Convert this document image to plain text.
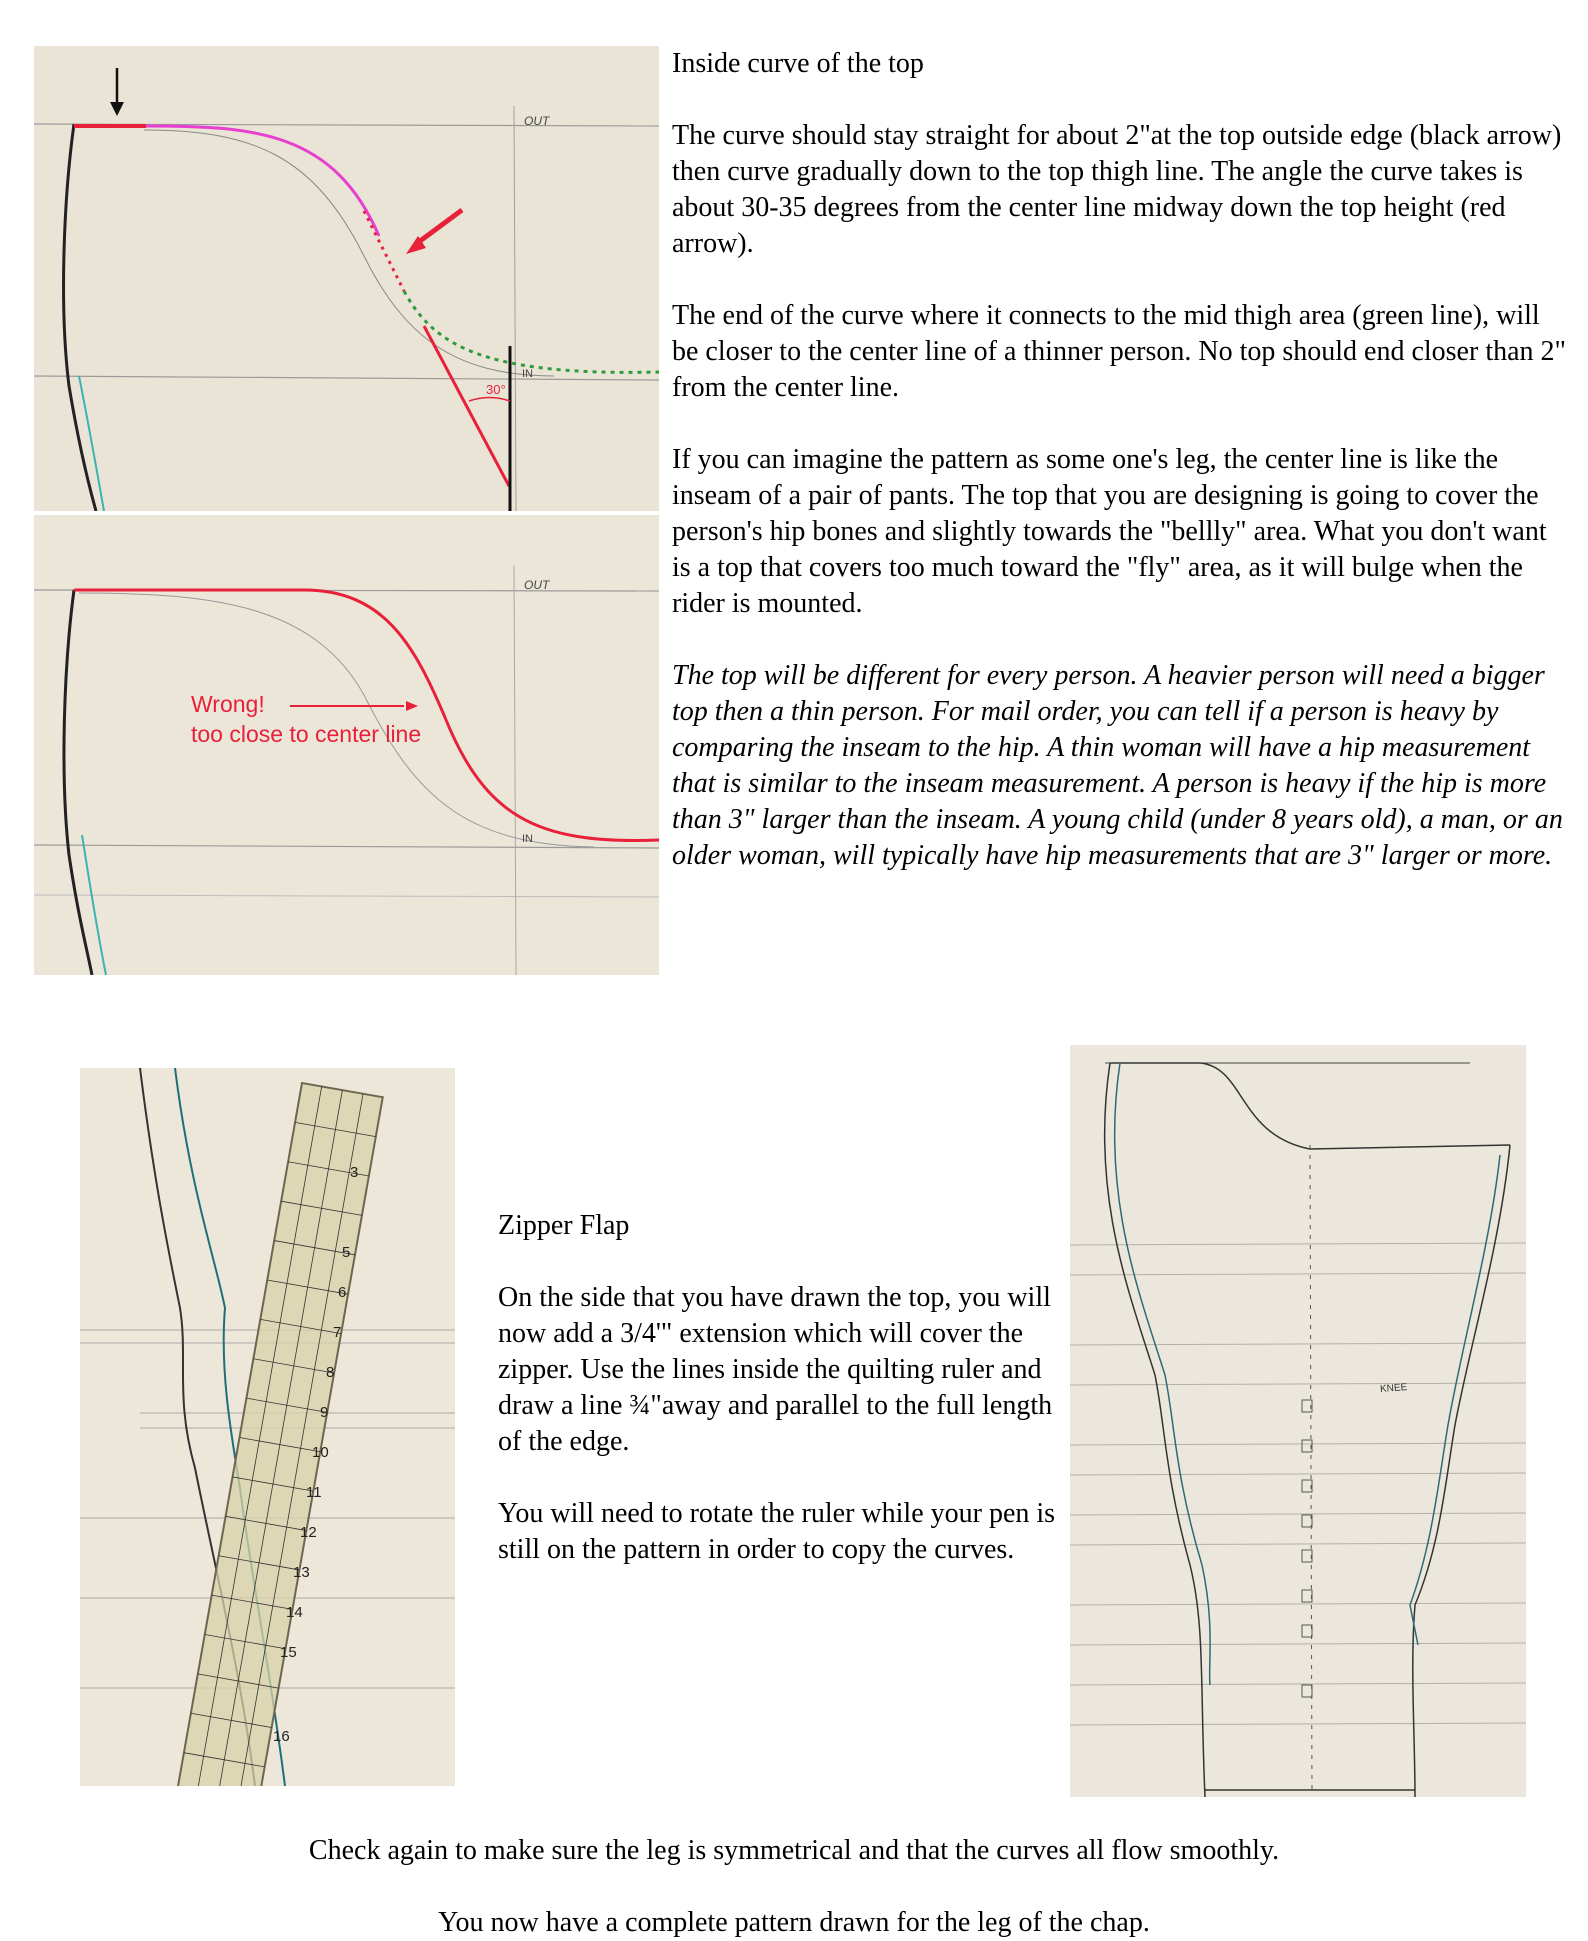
OUT
IN
30°
OUT
IN
Wrong!
too close to center line

Inside curve of the top

The curve should stay straight for about 2"at the top outside edge (black arrow) then curve gradually down to the top thigh line. The angle the curve takes is about 30-35 degrees from the center line midway down the top height (red arrow).

The end of the curve where it connects to the mid thigh area (green line), will be closer to the center line of a thinner person. No top should end closer than 2" from the center line.

If you can imagine the pattern as some one's leg, the center line is like the inseam of a pair of pants. The top that you are designing is going to cover the person's hip bones and slightly towards the "bellly" area. What you don't want is a top that covers too much toward the "fly" area, as it will bulge when the rider is mounted.

The top will be different for every person. A heavier person will need a bigger top then a thin person. For mail order, you can tell if a person is heavy by comparing the inseam to the hip. A thin woman will have a hip measurement that is similar to the inseam measurement. A person is heavy if the hip is more than 3" larger than the inseam. A young child (under 8 years old), a man, or an older woman, will typically have hip measurements that are 3" larger or more.

3
5
6
7
8
9
10
11
12
13
14
15
16

Zipper Flap

On the side that you have drawn the top, you will now add a 3/4'" extension which will cover the zipper. Use the lines inside the quilting ruler and draw a line ¾"away and parallel to the full length of the edge.

You will need to rotate the ruler while your pen is still on the pattern in order to copy the curves.

KNEE
Check again to make sure the leg is symmetrical and that the curves all flow smoothly.
You now have a complete pattern drawn for the leg of the chap.
